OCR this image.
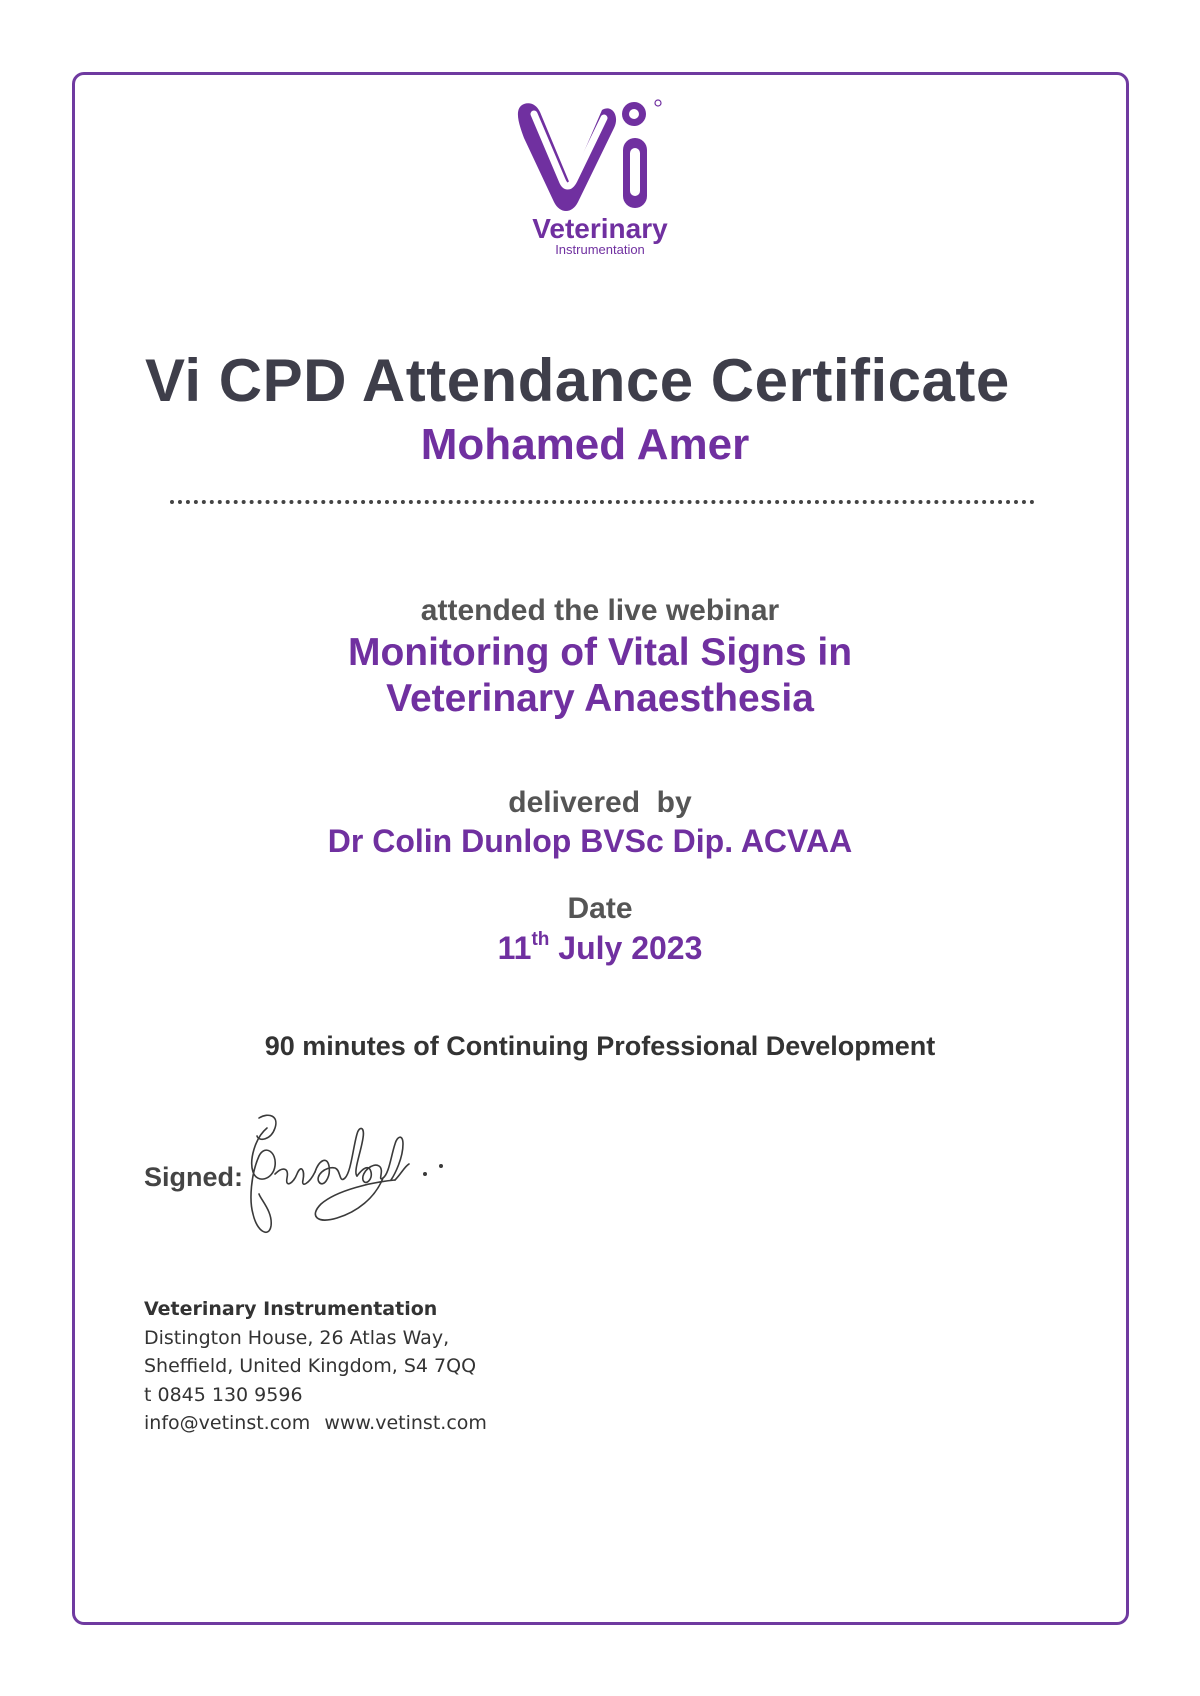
Veterinary
Instrumentation
Vi CPD Attendance Certificate

Mohamed Amer

attended the live webinar

Monitoring of Vital Signs in
Veterinary Anaesthesia

delivered  by

Dr Colin Dunlop BVSc Dip. ACVAA

Date

11th July 2023

90 minutes of Continuing Professional Development

Signed:

Veterinary Instrumentation
Distington House, 26 Atlas Way,
Sheffield, United Kingdom, S4 7QQ
t 0845 130 9596
info@vetinst.com www.vetinst.com
